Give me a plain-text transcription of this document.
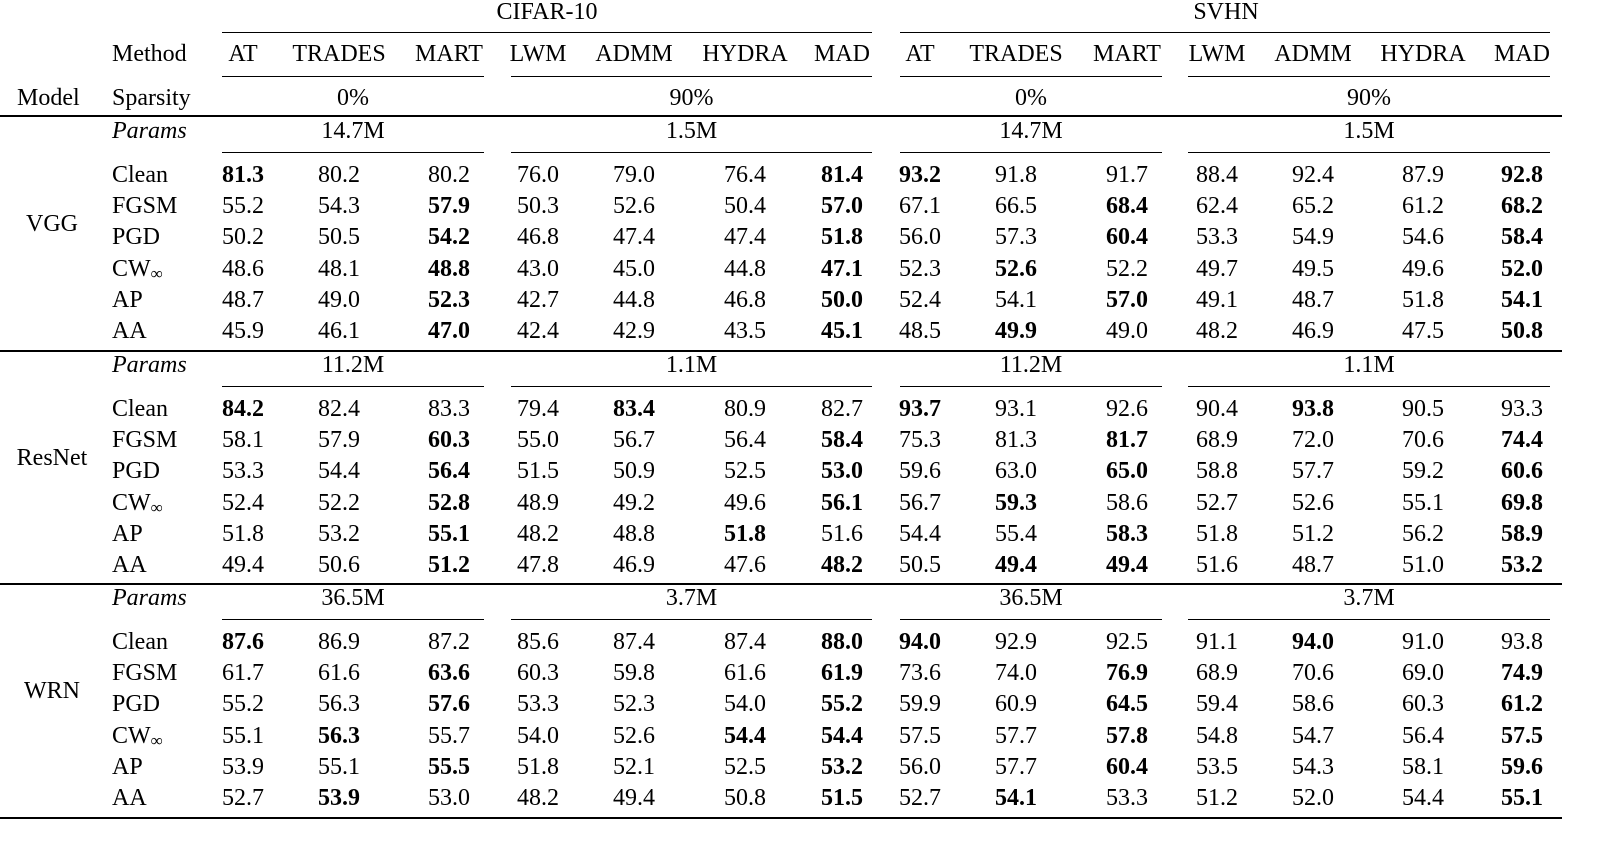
CIFAR-10	SVHN
Method AT TRADES MART LWM ADMM HYDRA MAD AT TRADES MART LWM ADMM HYDRA MAD
Model Sparsity	0%	90%	0%	90%
VGG
Params	14.7M	1.5M	14.7M	1.5M
Clean 81.3 80.2	80.2 76.0 79.0	76.4 81.4 93.2 91.8	91.7 88.4 92.4	87.9 92.8
FGSM 55.2 54.3	57.9 50.3 52.6	50.4 57.0 67.1 66.5	68.4 62.4 65.2	61.2 68.2
PGD	50.2 50.5	54.2 46.8 47.4	47.4 51.8 56.0 57.3	60.4 53.3 54.9	54.6 58.4
$CW_\infty$ 48.6 48.1	48.8 43.0 45.0	44.8 47.1 52.3 52.6	52.2 49.7 49.5	49.6 52.0
AP	48.7 49.0	52.3 42.7 44.8	46.8 50.0 52.4 54.1	57.0 49.1 48.7	51.8 54.1
AA	45.9 46.1	47.0 42.4 42.9	43.5 45.1 48.5 49.9	49.0 48.2 46.9	47.5 50.8
ResNet
Params	11.2M	1.1M	11.2M	1.1M
Clean 84.2 82.4	83.3 79.4 83.4	80.9 82.7 93.7 93.1	92.6 90.4 93.8	90.5 93.3
FGSM 58.1 57.9	60.3 55.0 56.7	56.4 58.4 75.3 81.3	81.7 68.9 72.0	70.6 74.4
PGD	53.3 54.4	56.4 51.5 50.9	52.5 53.0 59.6 63.0	65.0 58.8 57.7	59.2 60.6
$CW_\infty$ 52.4 52.2	52.8 48.9 49.2	49.6 56.1 56.7 59.3	58.6 52.7 52.6	55.1 69.8
AP	51.8 53.2	55.1 48.2 48.8	51.8 51.6 54.4 55.4	58.3 51.8 51.2	56.2 58.9
AA	49.4 50.6	51.2 47.8 46.9	47.6 48.2 50.5 49.4	49.4 51.6 48.7	51.0 53.2
WRN
Params	36.5M	3.7M	36.5M	3.7M
Clean 87.6 86.9	87.2 85.6 87.4	87.4 88.0 94.0 92.9	92.5 91.1 94.0	91.0 93.8
FGSM 61.7 61.6	63.6 60.3 59.8	61.6 61.9 73.6 74.0	76.9 68.9 70.6	69.0 74.9
PGD	55.2 56.3	57.6 53.3 52.3	54.0 55.2 59.9 60.9	64.5 59.4 58.6	60.3 61.2
$CW_\infty$ 55.1 56.3	55.7 54.0 52.6	54.4 54.4 57.5 57.7	57.8 54.8 54.7	56.4 57.5
AP	53.9 55.1	55.5 51.8 52.1	52.5 53.2 56.0 57.7	60.4 53.5 54.3	58.1 59.6
AA	52.7 53.9	53.0 48.2 49.4	50.8 51.5 52.7 54.1	53.3 51.2 52.0	54.4 55.1
